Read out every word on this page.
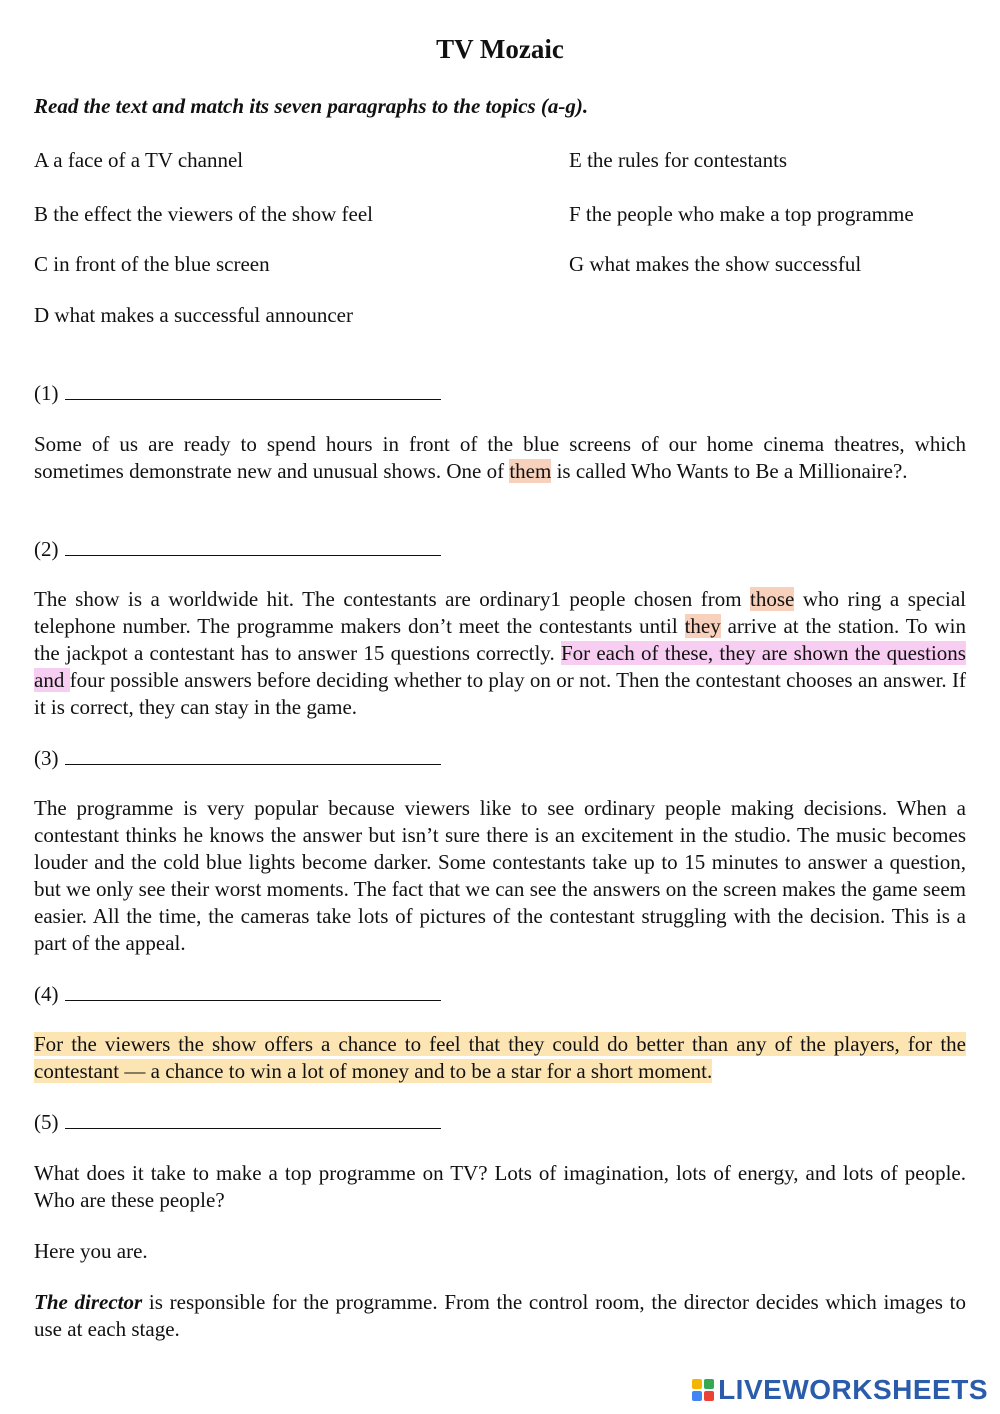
TV Mozaic
Read the text and match its seven paragraphs to the topics (a-g).
A a face of a TV channel	E the rules for contestants
B the effect the viewers of the show feel	F the people who make a top programme
C in front of the blue screen	G what makes the show successful
D what makes a successful announcer
(1)

Some of us are ready to spend hours in front of the blue screens of our home cinema theatres, which sometimes demonstrate new and unusual shows. One of them is called Who Wants to Be a Millionaire?.

(2)

The show is a worldwide hit. The contestants are ordinary1 people chosen from those who ring a special telephone number. The programme makers don’t meet the contestants until they arrive at the station. To win the jackpot a contestant has to answer 15 questions correctly. For each of these, they are shown the questions and four possible answers before deciding whether to play on or not. Then the contestant chooses an answer. If it is correct, they can stay in the game.

(3)

The programme is very popular because viewers like to see ordinary people making decisions. When a contestant thinks he knows the answer but isn’t sure there is an excitement in the studio. The music becomes louder and the cold blue lights become darker. Some contestants take up to 15 minutes to answer a question, but we only see their worst moments. The fact that we can see the answers on the screen makes the game seem easier. All the time, the cameras take lots of pictures of the contestant struggling with the decision. This is a part of the appeal.

(4)

For the viewers the show offers a chance to feel that they could do better than any of the players, for the contestant — a chance to win a lot of money and to be a star for a short moment.

(5)

What does it take to make a top programme on TV? Lots of imagination, lots of energy, and lots of people. Who are these people?

Here you are.

The director is responsible for the programme. From the control room, the director decides which images to use at each stage.

LIVEWORKSHEETS
